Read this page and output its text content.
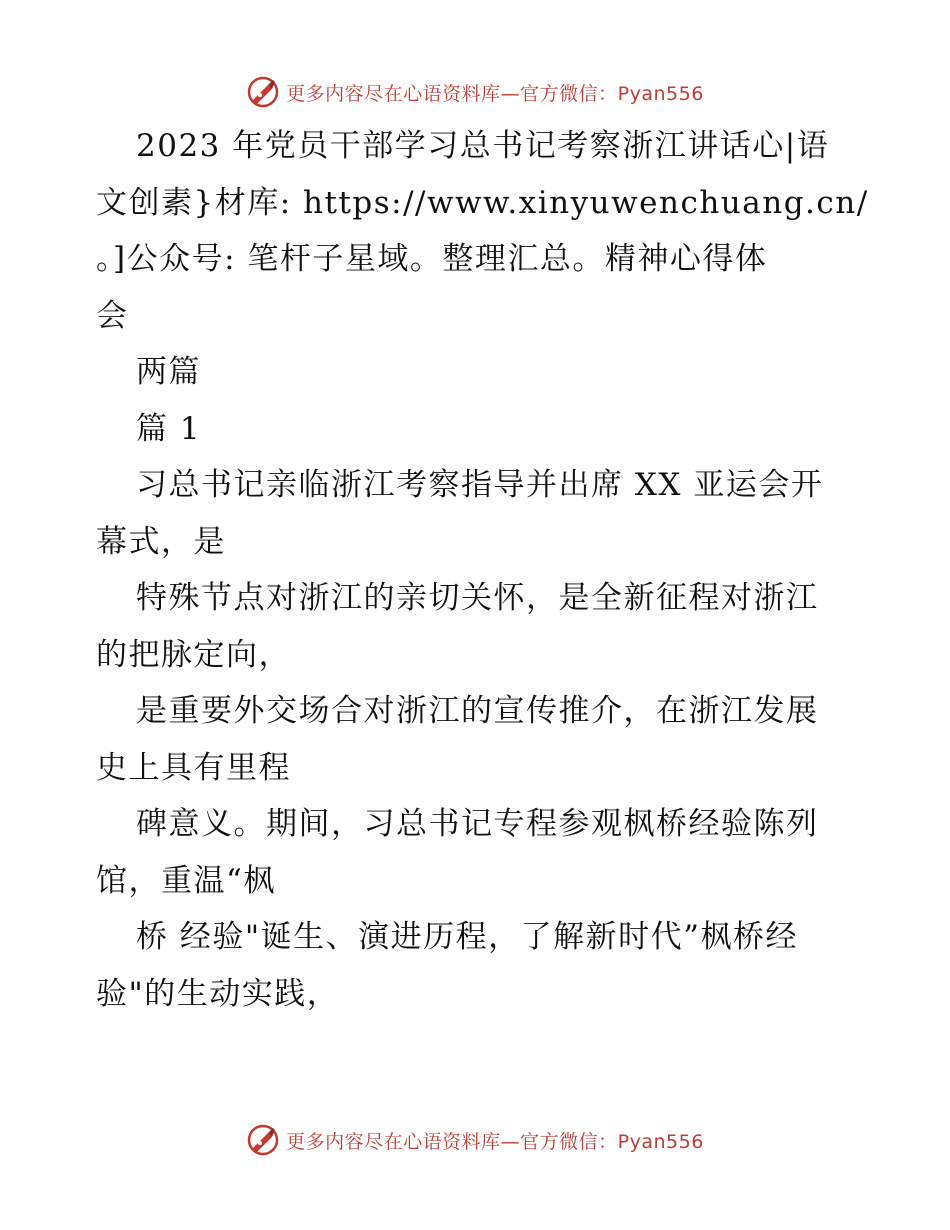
更多内容尽在心语资料库—官方微信：Pyan556
2023 年党员干部学习总书记考察浙江讲话心|语
文创素}材库: https://www.xinyuwenchuang.cn/
。]公众号: 笔杆子星域。整理汇总。精神心得体
会
两篇
篇 1
习总书记亲临浙江考察指导并出席 XX 亚运会开
幕式，是
特殊节点对浙江的亲切关怀，是全新征程对浙江
的把脉定向，
是重要外交场合对浙江的宣传推介，在浙江发展
史上具有里程
碑意义。期间，习总书记专程参观枫桥经验陈列
馆，重温“枫
桥 经验"诞生、演进历程，了解新时代”枫桥经
验"的生动实践，
更多内容尽在心语资料库—官方微信：Pyan556
